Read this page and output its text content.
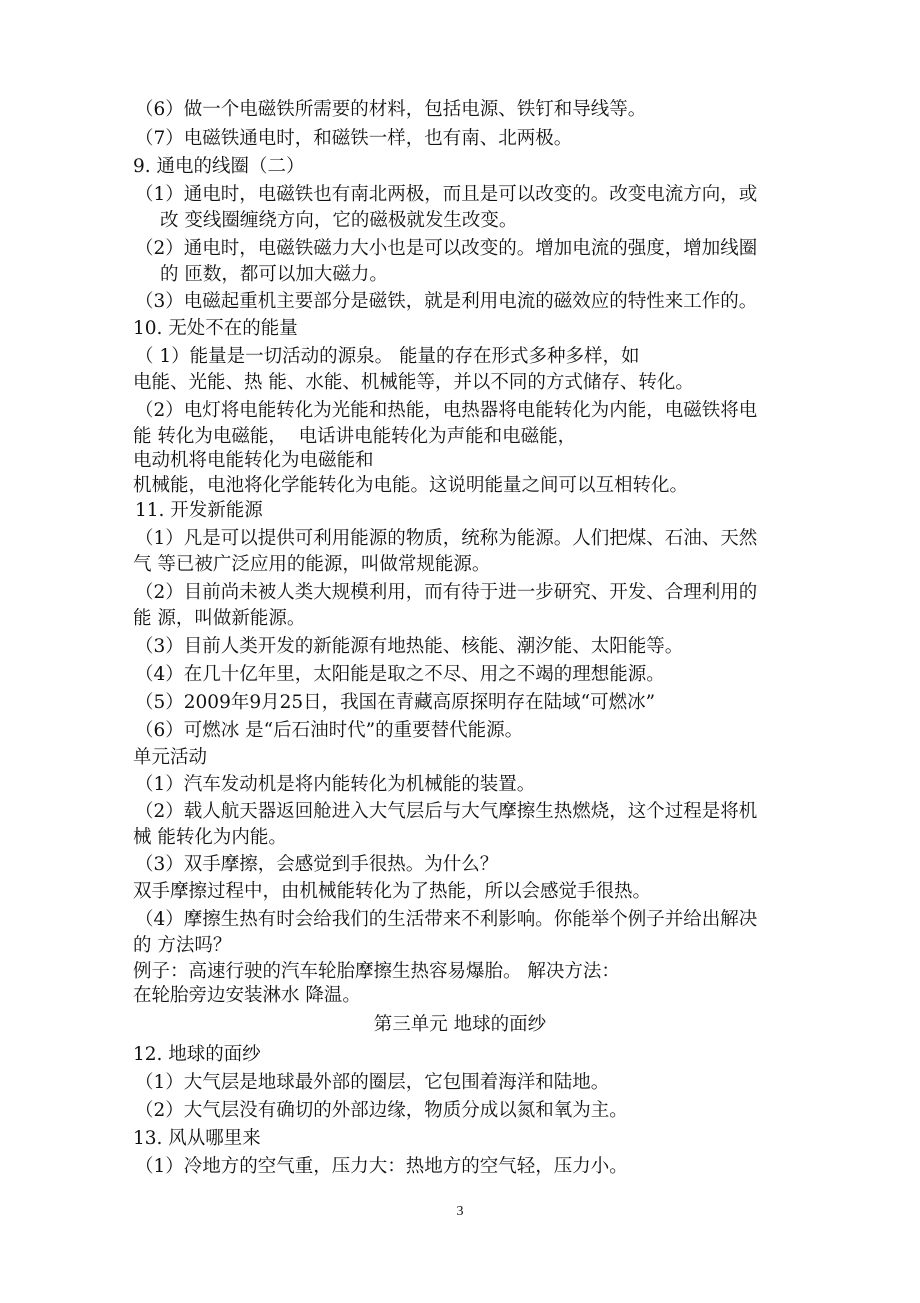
（6）做一个电磁铁所需要的材料，包括电源、铁钉和导线等。
（7）电磁铁通电时，和磁铁一样，也有南、北两极。
9. 通电的线圈（二）
（1）通电时，电磁铁也有南北两极，而且是可以改变的。改变电流方向，或
改 变线圈缠绕方向，它的磁极就发生改变。
（2）通电时，电磁铁磁力大小也是可以改变的。增加电流的强度，增加线圈
的 匝数，都可以加大磁力。
（3）电磁起重机主要部分是磁铁，就是利用电流的磁效应的特性来工作的。
10. 无处不在的能量
（ 1）能量是一切活动的源泉。 能量的存在形式多种多样，如
电能、光能、热 能、水能、机械能等，并以不同的方式储存、转化。
（2）电灯将电能转化为光能和热能，电热器将电能转化为内能，电磁铁将电
能 转化为电磁能，  电话讲电能转化为声能和电磁能，
电动机将电能转化为电磁能和
机械能，电池将化学能转化为电能。这说明能量之间可以互相转化。
11. 开发新能源
（1）凡是可以提供可利用能源的物质，统称为能源。人们把煤、石油、天然
气 等已被广泛应用的能源，叫做常规能源。
（2）目前尚未被人类大规模利用，而有待于进一步研究、开发、合理利用的
能 源，叫做新能源。
（3）目前人类开发的新能源有地热能、核能、潮汐能、太阳能等。
（4）在几十亿年里，太阳能是取之不尽、用之不竭的理想能源。
（5）2009年9月25日，我国在青藏高原探明存在陆域“可燃冰”
（6）可燃冰 是“后石油时代”的重要替代能源。
单元活动
（1）汽车发动机是将内能转化为机械能的装置。
（2）载人航天器返回舱进入大气层后与大气摩擦生热燃烧，这个过程是将机
械 能转化为内能。
（3）双手摩擦，会感觉到手很热。为什么？
双手摩擦过程中，由机械能转化为了热能，所以会感觉手很热。
（4）摩擦生热有时会给我们的生活带来不利影响。你能举个例子并给出解决
的 方法吗？
例子：高速行驶的汽车轮胎摩擦生热容易爆胎。 解决方法：
在轮胎旁边安装淋水 降温。
第三单元 地球的面纱
12. 地球的面纱
（1）大气层是地球最外部的圈层，它包围着海洋和陆地。
（2）大气层没有确切的外部边缘，物质分成以氮和氧为主。
13. 风从哪里来
（1）冷地方的空气重，压力大：热地方的空气轻，压力小。
3
